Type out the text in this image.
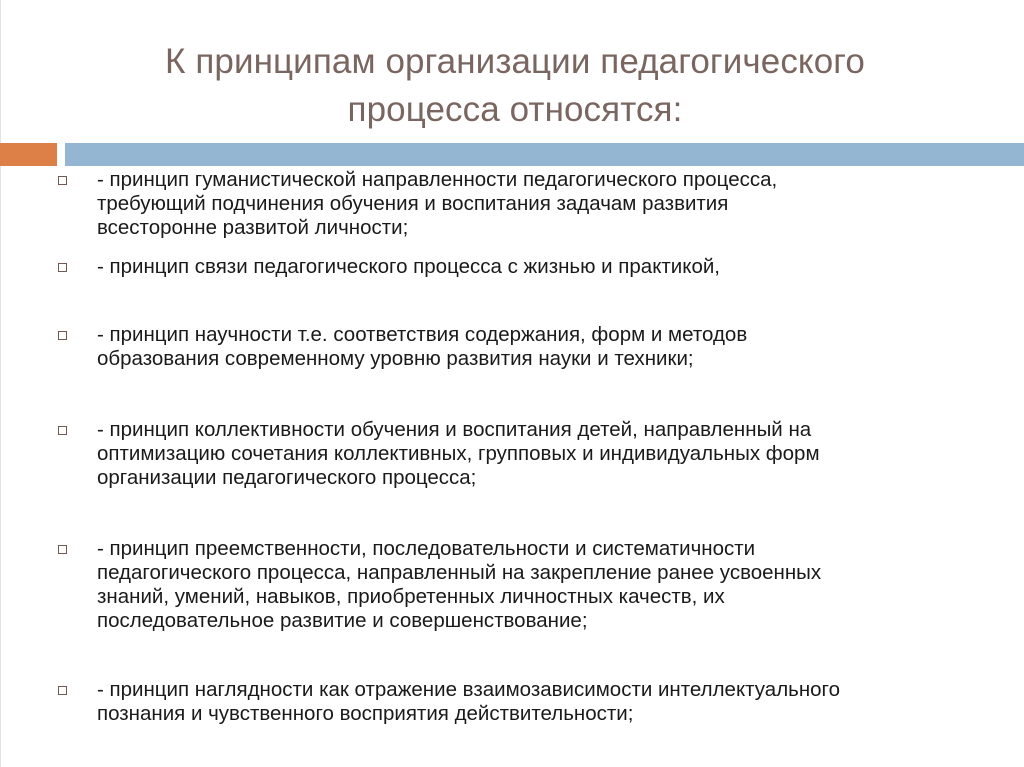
К принципам организации педагогического
процесса относятся:
- принцип гуманистической направленности педагогического процесса,
требующий подчинения обучения и воспитания задачам развития
всесторонне развитой личности;
- принцип связи педагогического процесса с жизнью и практикой,
- принцип научности т.е. соответствия содержания, форм и методов
образования современному уровню развития науки и техники;
- принцип коллективности обучения и воспитания детей, направленный на
оптимизацию сочетания коллективных, групповых и индивидуальных форм
организации педагогического процесса;
- принцип преемственности, последовательности и систематичности
педагогического процесса, направленный на закрепление ранее усвоенных
знаний, умений, навыков, приобретенных личностных качеств, их
последовательное развитие и совершенствование;
- принцип наглядности как отражение взаимозависимости интеллектуального
познания и чувственного восприятия действительности;
